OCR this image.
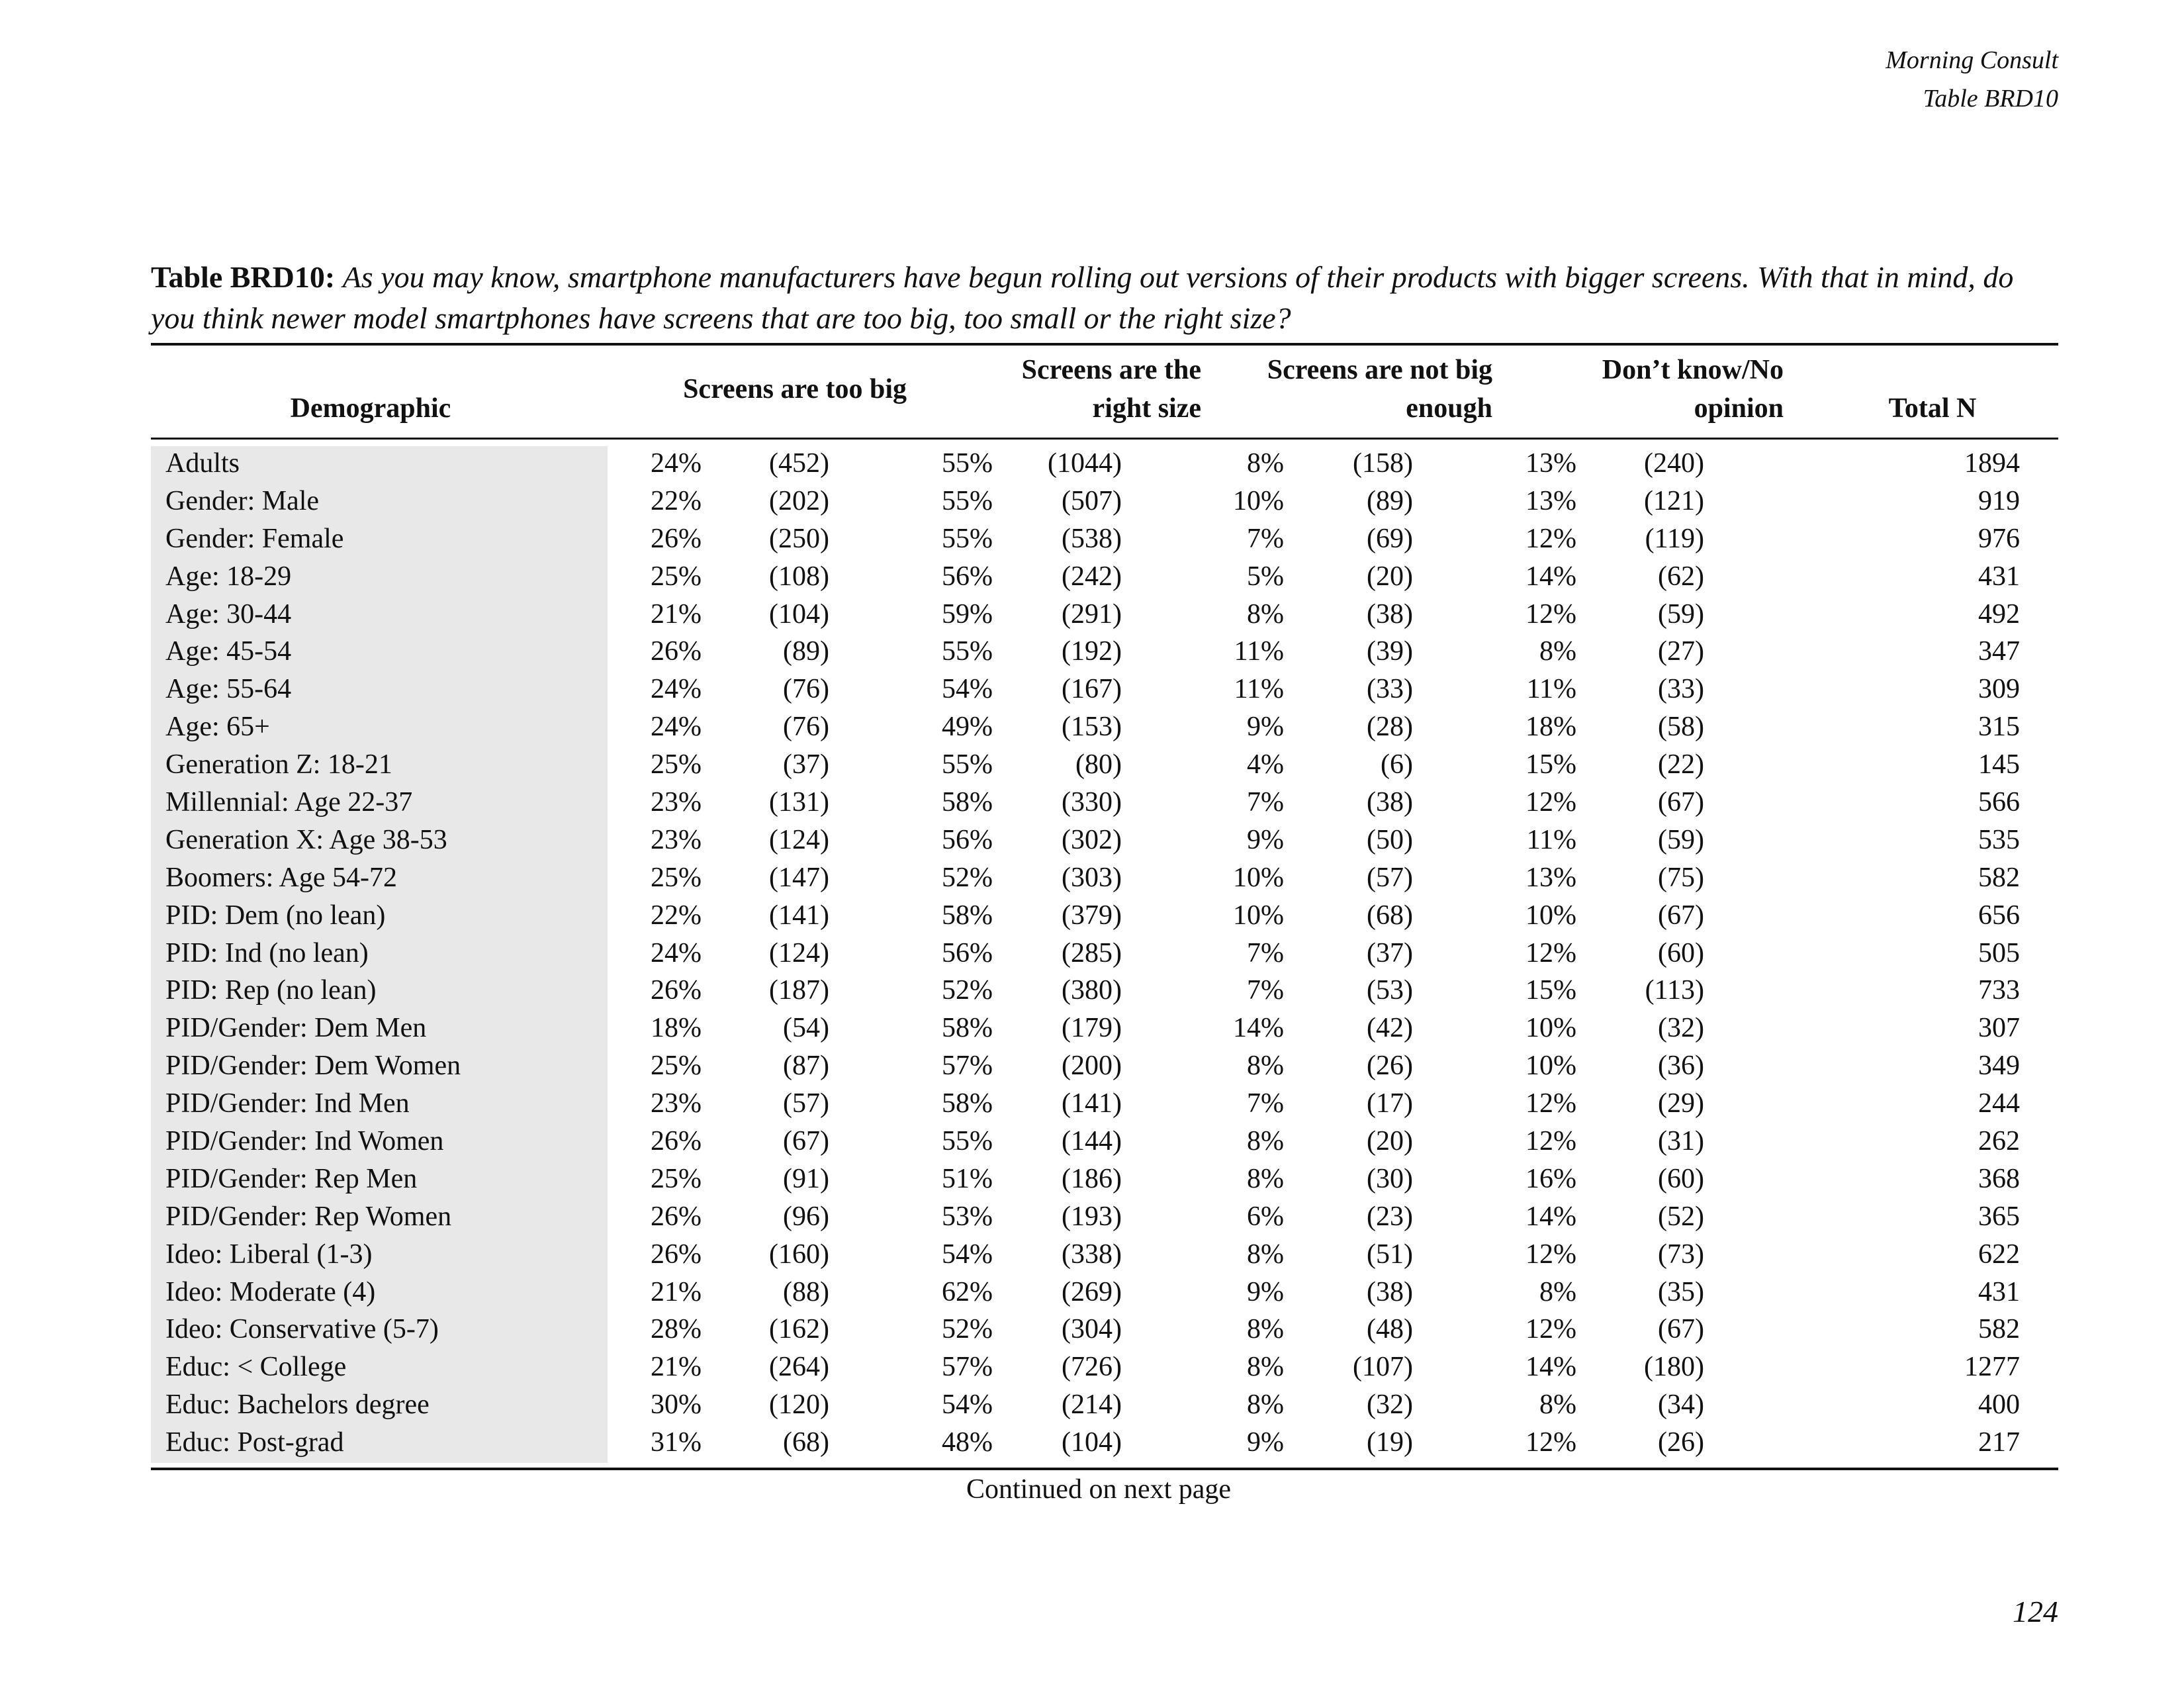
Morning Consult
Table BRD10
Table BRD10: As you may know, smartphone manufacturers have begun rolling out versions of their products with bigger screens. With that in mind, do you think newer model smartphones have screens that are too big, too small or the right size?
Demographic
Screens are too big
Screens are the
right size
Screens are not big
enough
Don’t know/No
opinion	Total N
Adults	24% (452)	55% (1044)	8% (158)	13% (240)	1894
Gender: Male	22% (202)	55% (507)	10%	(89)	13% (121)	919
Gender: Female	26% (250)	55% (538)	7%	(69)	12% (119)	976
Age: 18-29	25% (108)	56% (242)	5%	(20)	14%	(62)	431
Age: 30-44	21% (104)	59% (291)	8%	(38)	12%	(59)	492
Age: 45-54	26%	(89)	55% (192)	11%	(39)	8%	(27)	347
Age: 55-64	24%	(76)	54% (167)	11%	(33)	11%	(33)	309
Age: 65+	24%	(76)	49% (153)	9%	(28)	18%	(58)	315
Generation Z: 18-21	25%	(37)	55%	(80)	4%	(6)	15%	(22)	145
Millennial: Age 22-37	23% (131)	58% (330)	7%	(38)	12%	(67)	566
Generation X: Age 38-53	23% (124)	56% (302)	9%	(50)	11%	(59)	535
Boomers: Age 54-72	25% (147)	52% (303)	10%	(57)	13%	(75)	582
PID: Dem (no lean)	22% (141)	58% (379)	10%	(68)	10%	(67)	656
PID: Ind (no lean)	24% (124)	56% (285)	7%	(37)	12%	(60)	505
PID: Rep (no lean)	26% (187)	52% (380)	7%	(53)	15% (113)	733
PID/Gender: Dem Men	18%	(54)	58% (179)	14%	(42)	10%	(32)	307
PID/Gender: Dem Women	25%	(87)	57% (200)	8%	(26)	10%	(36)	349
PID/Gender: Ind Men	23%	(57)	58% (141)	7%	(17)	12%	(29)	244
PID/Gender: Ind Women	26%	(67)	55% (144)	8%	(20)	12%	(31)	262
PID/Gender: Rep Men	25%	(91)	51% (186)	8%	(30)	16%	(60)	368
PID/Gender: Rep Women	26%	(96)	53% (193)	6%	(23)	14%	(52)	365
Ideo: Liberal (1-3)	26% (160)	54% (338)	8%	(51)	12%	(73)	622
Ideo: Moderate (4)	21%	(88)	62% (269)	9%	(38)	8%	(35)	431
Ideo: Conservative (5-7)	28% (162)	52% (304)	8%	(48)	12%	(67)	582
Educ: < College	21% (264)	57% (726)	8% (107)	14% (180)	1277
Educ: Bachelors degree	30% (120)	54% (214)	8%	(32)	8%	(34)	400
Educ: Post-grad	31%	(68)	48% (104)	9%	(19)	12%	(26)	217
Continued on next page
124
